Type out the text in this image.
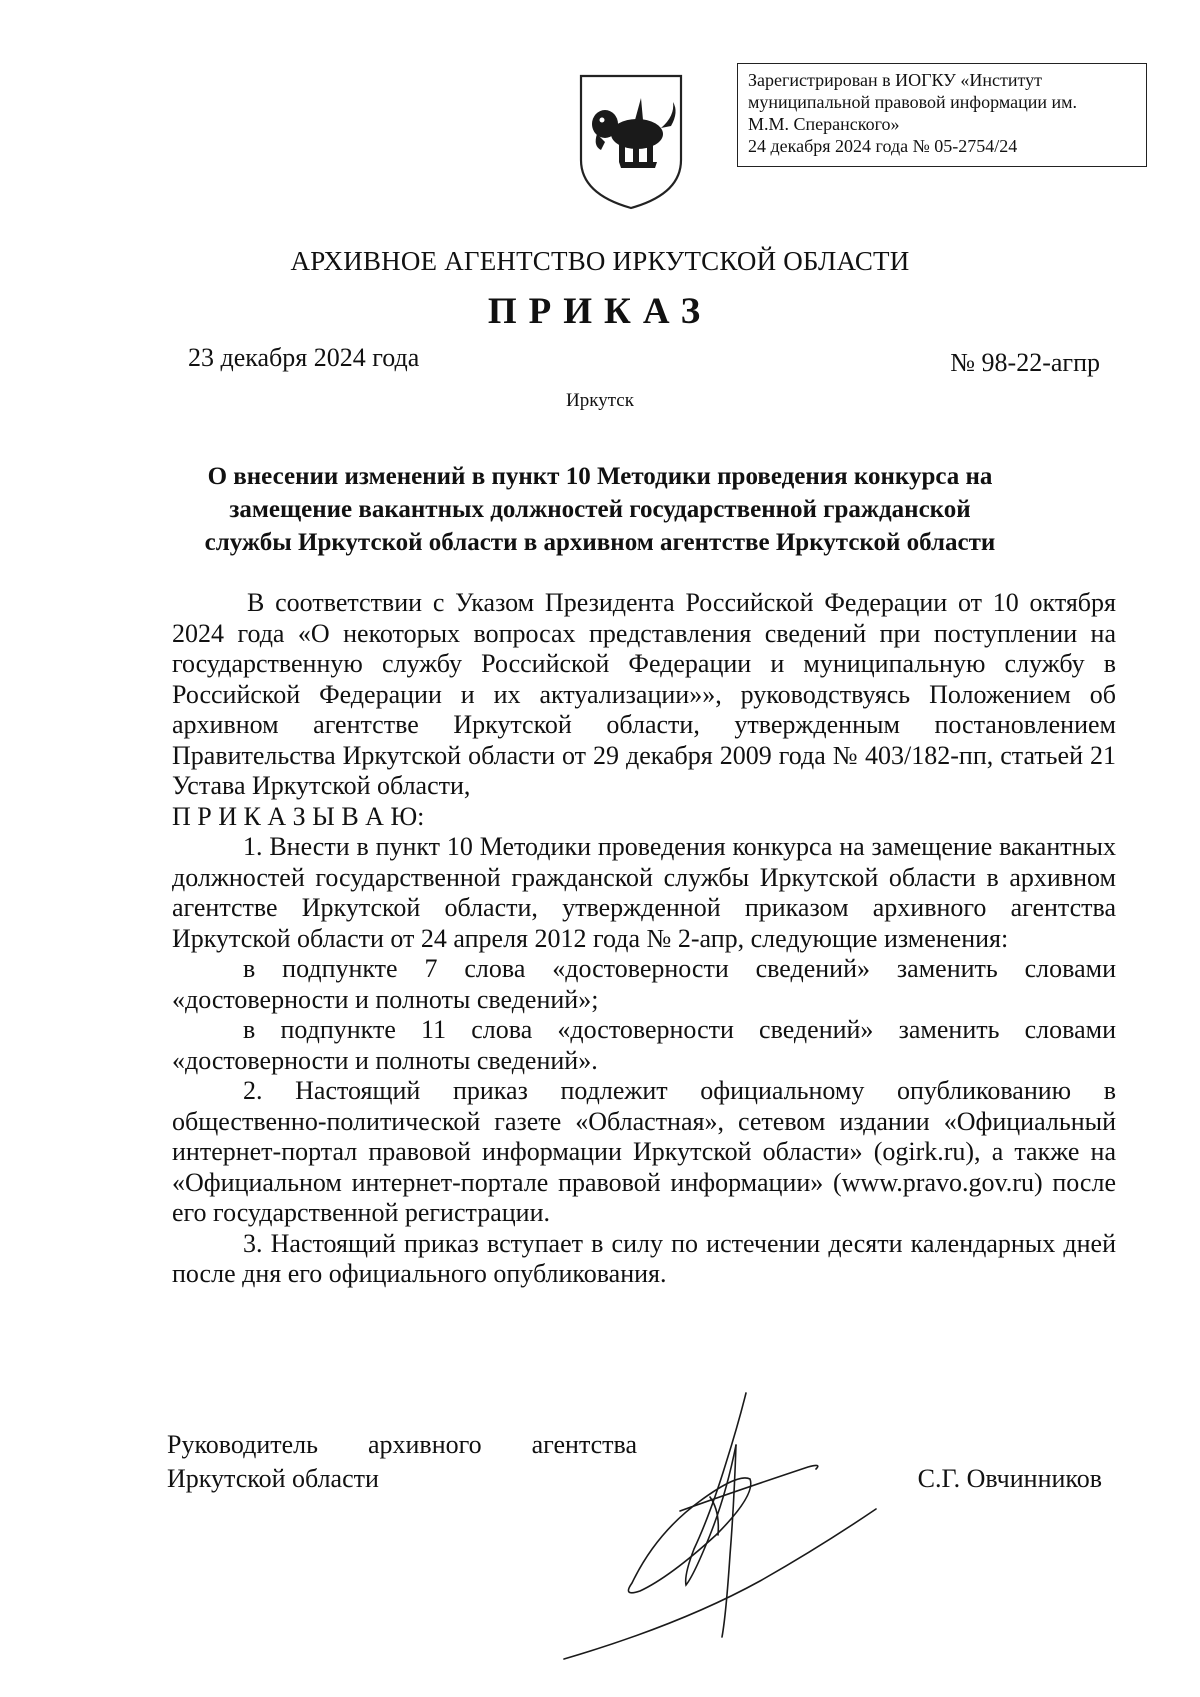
Зарегистрирован в ИОГКУ «Институт
муниципальной правовой информации им.
М.М. Сперанского»
24 декабря 2024 года № 05-2754/24
АРХИВНОЕ АГЕНТСТВО ИРКУТСКОЙ ОБЛАСТИ
ПРИКАЗ
23 декабря 2024 года	№ 98-22-агпр
Иркутск
О внесении изменений в пункт 10 Методики проведения конкурса на
замещение вакантных должностей государственной гражданской
службы Иркутской области в архивном агентстве Иркутской области

В соответствии с Указом Президента Российской Федерации от 10 октября 2024 года «О некоторых вопросах представления сведений при поступлении на государственную службу Российской Федерации и муниципальную службу в Российской Федерации и их актуализации»», руководствуясь Положением об архивном агентстве Иркутской области, утвержденным постановлением Правительства Иркутской области от 29 декабря 2009 года № 403/182-пп, статьей 21 Устава Иркутской области,

П Р И К А З Ы В А Ю:

1. Внести в пункт 10 Методики проведения конкурса на замещение вакантных должностей государственной гражданской службы Иркутской области в архивном агентстве Иркутской области, утвержденной приказом архивного агентства Иркутской области от 24 апреля 2012 года № 2-апр, следующие изменения:

в подпункте 7 слова «достоверности сведений» заменить словами «достоверности и полноты сведений»;

в подпункте 11 слова «достоверности сведений» заменить словами «достоверности и полноты сведений».

2. Настоящий приказ подлежит официальному опубликованию в общественно-политической газете «Областная», сетевом издании «Официальный интернет-портал правовой информации Иркутской области» (ogirk.ru), а также на «Официальном интернет-портале правовой информации» (www.pravo.gov.ru) после его государственной регистрации.

3. Настоящий приказ вступает в силу по истечении десяти календарных дней после дня его официального опубликования.

Руководитель архивного агентства
Иркутской области	С.Г. Овчинников
